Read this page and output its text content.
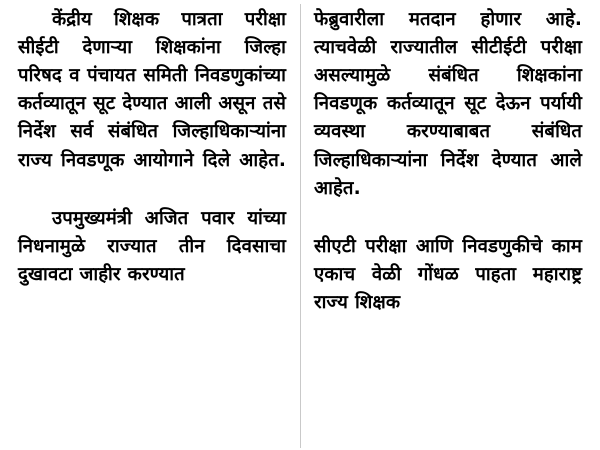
केंद्रीय शिक्षक पात्रता परीक्षा सीईटी देणाऱ्या शिक्षकांना जिल्हा परिषद व पंचायत समिती निवडणुकांच्या कर्तव्यातून सूट देण्यात आली असून तसे निर्देश सर्व संबंधित जिल्हाधिकाऱ्यांना राज्य निवडणूक आयोगाने दिले आहेत.

उपमुख्यमंत्री अजित पवार यांच्या निधनामुळे राज्यात तीन दिवसाचा दुखावटा जाहीर करण्यात

फेब्रुवारीला मतदान होणार आहे. त्याचवेळी राज्यातील सीटीईटी परीक्षा असल्यामुळे संबंधित शिक्षकांना निवडणूक कर्तव्यातून सूट देऊन पर्यायी व्यवस्था करण्याबाबत संबंधित जिल्हाधिकाऱ्यांना निर्देश देण्यात आले आहेत.

सीएटी परीक्षा आणि निवडणुकीचे काम एकाच वेळी गोंधळ पाहता महाराष्ट्र राज्य शिक्षक
